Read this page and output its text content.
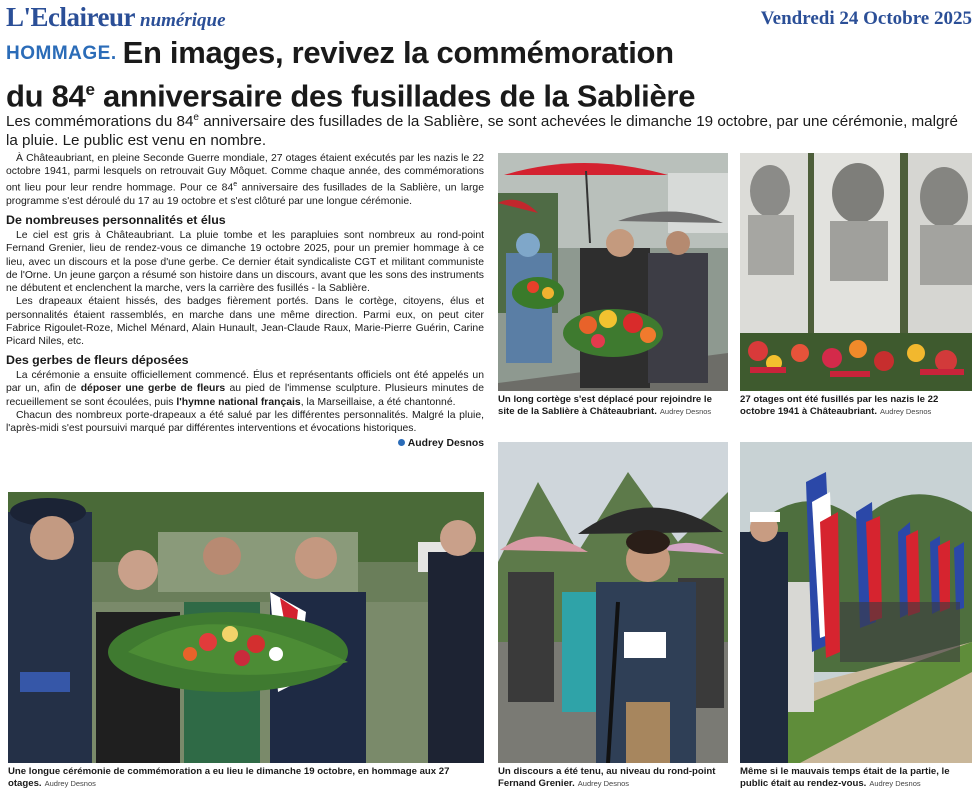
L'Eclaireur numérique	Vendredi 24 Octobre 2025
HOMMAGE. En images, revivez la commémoration
du 84e anniversaire des fusillades de la Sablière

Les commémorations du 84e anniversaire des fusillades de la Sablière, se sont achevées le dimanche 19 octobre, par une cérémonie, malgré la pluie. Le public est venu en nombre.

À Châteaubriant, en pleine Seconde Guerre mondiale, 27 otages étaient exécutés par les nazis le 22 octobre 1941, parmi lesquels on retrouvait Guy Môquet. Comme chaque année, des commémorations ont lieu pour leur rendre hommage. Pour ce 84e anniversaire des fusillades de la Sablière, un large programme s'est déroulé du 17 au 19 octobre et s'est clôturé par une longue cérémonie.

De nombreuses personnalités et élus

Le ciel est gris à Châteaubriant. La pluie tombe et les parapluies sont nombreux au rond-point Fernand Grenier, lieu de rendez-vous ce dimanche 19 octobre 2025, pour un premier hommage à ce lieu, avec un discours et la pose d'une gerbe. Ce dernier était syndicaliste CGT et militant communiste de l'Orne. Un jeune garçon a résumé son histoire dans un discours, avant que les sons des instruments ne débutent et enclenchent la marche, vers la carrière des fusillés - la Sablière.

Les drapeaux étaient hissés, des badges fièrement portés. Dans le cortège, citoyens, élus et personnalités étaient rassemblés, en marche dans une même direction. Parmi eux, on peut citer Fabrice Rigoulet-Roze, Michel Ménard, Alain Hunault, Jean-Claude Raux, Marie-Pierre Guérin, Carine Picard Niles, etc.

Des gerbes de fleurs déposées

La cérémonie a ensuite officiellement commencé. Élus et représentants officiels ont été appelés un par un, afin de déposer une gerbe de fleurs au pied de l'immense sculpture. Plusieurs minutes de recueillement se sont écoulées, puis l'hymne national français, la Marseillaise, a été chantonné.

Chacun des nombreux porte-drapeaux a été salué par les différentes personnalités. Malgré la pluie, l'après-midi s'est poursuivi marqué par différentes interventions et évocations historiques.

Audrey Desnos
Un long cortège s'est déplacé pour rejoindre le site de la Sablière à Châteaubriant. Audrey Desnos
27 otages ont été fusillés par les nazis le 22 octobre 1941 à Châteaubriant. Audrey Desnos
Une longue cérémonie de commémoration a eu lieu le dimanche 19 octobre, en hommage aux 27 otages. Audrey Desnos
Un discours a été tenu, au niveau du rond-point Fernand Grenier. Audrey Desnos
Même si le mauvais temps était de la partie, le public était au rendez-vous. Audrey Desnos
